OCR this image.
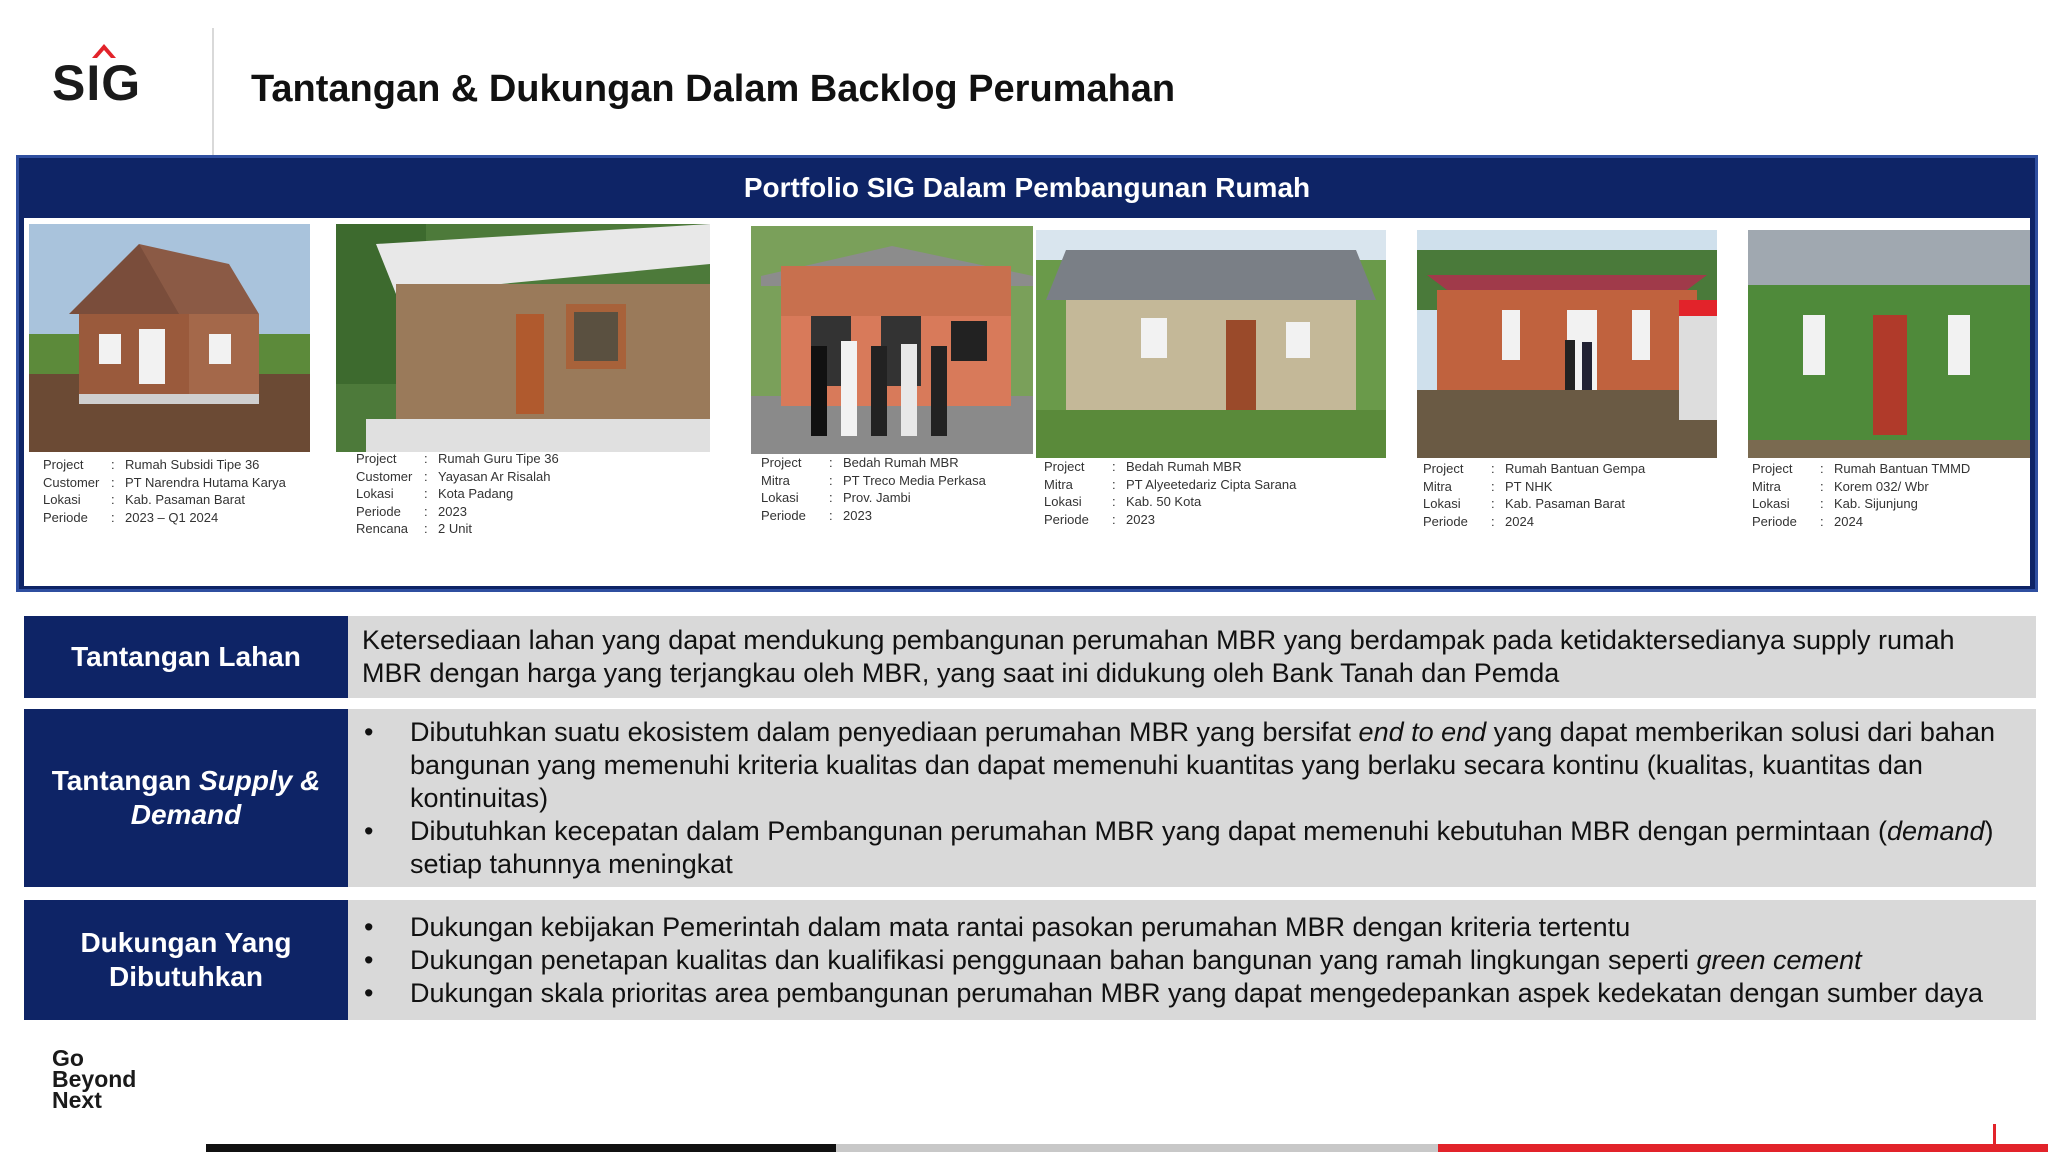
SIG	Tantangan & Dukungan Dalam Backlog Perumahan
Portfolio SIG Dalam Pembangunan Rumah
Project	: Rumah Subsidi Tipe 36
Customer : PT Narendra Hutama Karya
Lokasi	: Kab. Pasaman Barat
Periode	: 2023 – Q1 2024
Project	: Rumah Guru Tipe 36
Customer : Yayasan Ar Risalah
Lokasi	: Kota Padang
Periode	: 2023
Rencana	: 2 Unit
Project	: Bedah Rumah MBR
Mitra	: PT Treco Media Perkasa
Lokasi	: Prov. Jambi
Periode	: 2023
Project	: Bedah Rumah MBR
Mitra	: PT Alyeetedariz Cipta Sarana
Lokasi	: Kab. 50 Kota
Periode	: 2023
Project	: Rumah Bantuan Gempa
Mitra	: PT NHK
Lokasi	: Kab. Pasaman Barat
Periode	: 2024
Project	: Rumah Bantuan TMMD
Mitra	: Korem 032/ Wbr
Lokasi	: Kab. Sijunjung
Periode	: 2024
Tantangan Lahan
Ketersediaan lahan yang dapat mendukung pembangunan perumahan MBR yang berdampak pada ketidaktersedianya supply rumah MBR dengan harga yang terjangkau oleh MBR, yang saat ini didukung oleh Bank Tanah dan Pemda
Tantangan Supply &
Demand
•	Dibutuhkan suatu ekosistem dalam penyediaan perumahan MBR yang bersifat end to end yang dapat memberikan solusi dari bahan bangunan yang memenuhi kriteria kualitas dan dapat memenuhi kuantitas yang berlaku secara kontinu (kualitas, kuantitas dan kontinuitas)
•	Dibutuhkan kecepatan dalam Pembangunan perumahan MBR yang dapat memenuhi kebutuhan MBR dengan permintaan (demand) setiap tahunnya meningkat
Dukungan Yang Dibutuhkan
•	Dukungan kebijakan Pemerintah dalam mata rantai pasokan perumahan MBR dengan kriteria tertentu
•	Dukungan penetapan kualitas dan kualifikasi penggunaan bahan bangunan yang ramah lingkungan seperti green cement
•	Dukungan skala prioritas area pembangunan perumahan MBR yang dapat mengedepankan aspek kedekatan dengan sumber daya
Go
Beyond
Next
